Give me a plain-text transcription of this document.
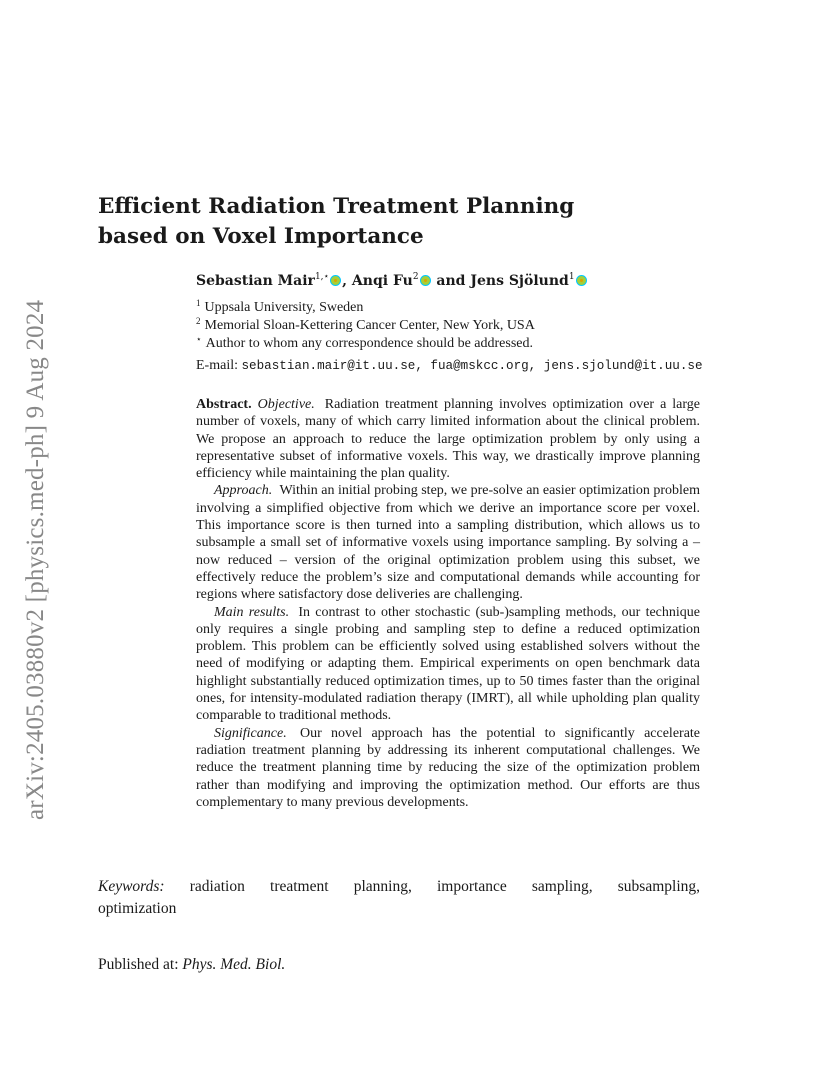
arXiv:2405.03880v2 [physics.med-ph] 9 Aug 2024
Efficient Radiation Treatment Planning
based on Voxel Importance
Sebastian Mair$^{1,⋆}$ , Anqi Fu$^2$ and Jens Sjölund$^1$
$^1$ Uppsala University, Sweden
$^2$ Memorial Sloan-Kettering Cancer Center, New York, USA
⋆ Author to whom any correspondence should be addressed.
E-mail: sebastian.mair@it.uu.se, fua@mskcc.org, jens.sjolund@it.uu.se

Abstract. Objective. Radiation treatment planning involves optimization over a large number of voxels, many of which carry limited information about the clinical problem. We propose an approach to reduce the large optimization problem by only using a representative subset of informative voxels. This way, we drastically improve planning efficiency while maintaining the plan quality.

Approach. Within an initial probing step, we pre-solve an easier optimization problem involving a simplified objective from which we derive an importance score per voxel. This importance score is then turned into a sampling distribution, which allows us to subsample a small set of informative voxels using importance sampling. By solving a – now reduced – version of the original optimization problem using this subset, we effectively reduce the problem’s size and computational demands while accounting for regions where satisfactory dose deliveries are challenging.

Main results. In contrast to other stochastic (sub-)sampling methods, our technique only requires a single probing and sampling step to define a reduced optimization problem. This problem can be efficiently solved using established solvers without the need of modifying or adapting them. Empirical experiments on open benchmark data highlight substantially reduced optimization times, up to 50 times faster than the original ones, for intensity-modulated radiation therapy (IMRT), all while upholding plan quality comparable to traditional methods.

Significance. Our novel approach has the potential to significantly accelerate radiation treatment planning by addressing its inherent computational challenges. We reduce the treatment planning time by reducing the size of the optimization problem rather than modifying and improving the optimization method. Our efforts are thus complementary to many previous developments.

Keywords: radiation treatment planning, importance sampling, subsampling, optimization
Published at: Phys. Med. Biol.
